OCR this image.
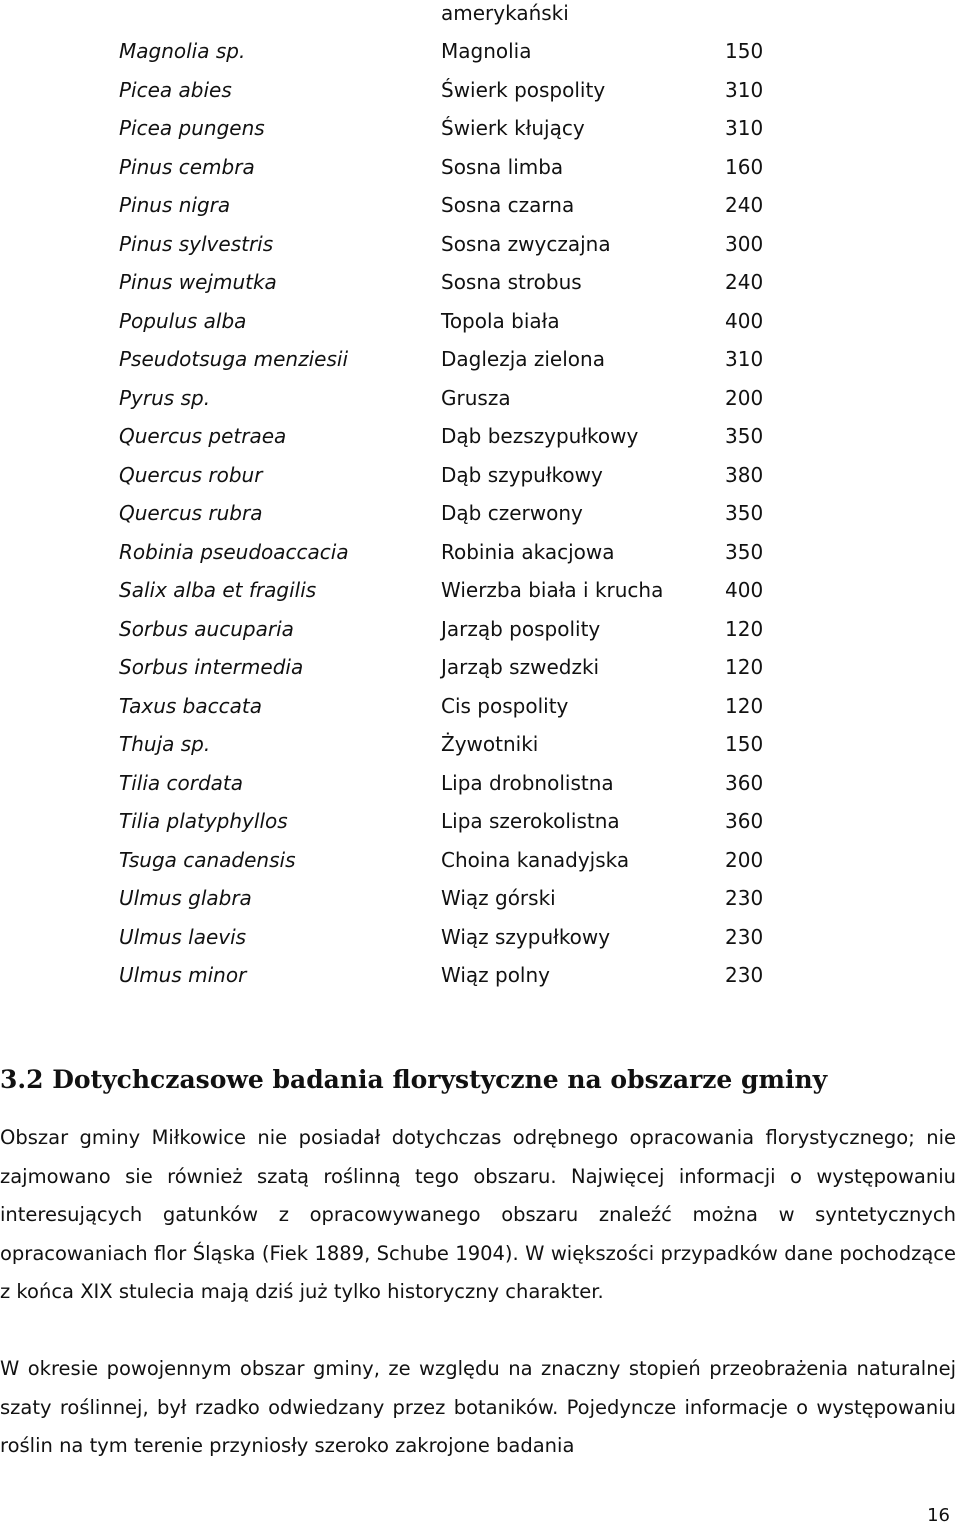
amerykański
Magnolia sp.	Magnolia	150
Picea abies	Świerk pospolity	310
Picea pungens	Świerk kłujący	310
Pinus cembra	Sosna limba	160
Pinus nigra	Sosna czarna	240
Pinus sylvestris	Sosna zwyczajna	300
Pinus wejmutka	Sosna strobus	240
Populus alba	Topola biała	400
Pseudotsuga menziesii	Daglezja zielona	310
Pyrus sp.	Grusza	200
Quercus petraea	Dąb bezszypułkowy	350
Quercus robur	Dąb szypułkowy	380
Quercus rubra	Dąb czerwony	350
Robinia pseudoaccacia	Robinia akacjowa	350
Salix alba et fragilis	Wierzba biała i krucha	400
Sorbus aucuparia	Jarząb pospolity	120
Sorbus intermedia	Jarząb szwedzki	120
Taxus baccata	Cis pospolity	120
Thuja sp.	Żywotniki	150
Tilia cordata	Lipa drobnolistna	360
Tilia platyphyllos	Lipa szerokolistna	360
Tsuga canadensis	Choina kanadyjska	200
Ulmus glabra	Wiąz górski	230
Ulmus laevis	Wiąz szypułkowy	230
Ulmus minor	Wiąz polny	230
3.2 Dotychczasowe badania florystyczne na obszarze gminy

Obszar gminy Miłkowice nie posiadał dotychczas odrębnego opracowania florystycznego; nie zajmowano sie również szatą roślinną tego obszaru. Najwięcej informacji o występowaniu interesujących gatunków z opracowywanego obszaru znaleźć można w syntetycznych opracowaniach flor Śląska (Fiek 1889, Schube 1904). W większości przypadków dane pochodzące z końca XIX stulecia mają dziś już tylko historyczny charakter.

W okresie powojennym obszar gminy, ze względu na znaczny stopień przeobrażenia naturalnej szaty roślinnej, był rzadko odwiedzany przez botaników. Pojedyncze informacje o występowaniu roślin na tym terenie przyniosły szeroko zakrojone badania

16
